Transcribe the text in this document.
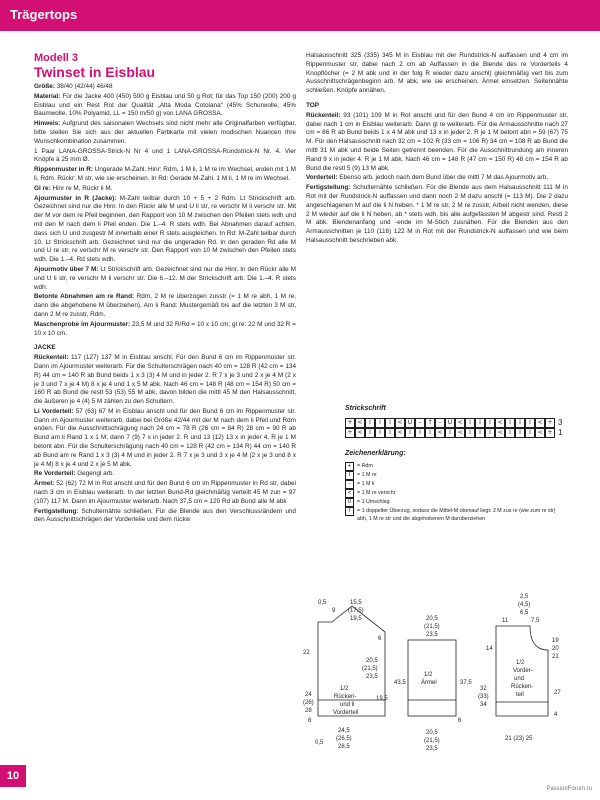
Trägertops
Modell 3
Twinset in Eisblau

Größe: 38/40 (42/44) 46/48

Material: Für die Jacke 400 (450) 500 g Eisblau und 50 g Rot; für das Top 150 (200) 200 g Eisblau und ein Rest Rot der Qualität „Alta Moda Cotolana“ (45% Schurwolle, 45% Baumwolle, 10% Polyamid, LL = 150 m/50 g) von LANA GROSSA.

Hinweis: Aufgrund des saisonalen Wechsels sind nicht mehr alle Originalfarben verfügbar, bitte stellen Sie sich aus der aktuellen Farbkarte mit vielen modischen Nuancen Ihre Wunschkombination zusammen.

1 Paar LANA-GROSSA-Strick-N Nr 4 und 1 LANA-GROSSA-Rundstrick-N Nr. 4. Vier Knöpfe à 25 mm Ø.

Rippenmuster in R: Ungerade M-Zahl. Hinr: Rdm, 1 M li, 1 M re im Wechsel, enden mit 1 M li, Rdm. Rückr: M str, wie sie erscheinen. In Rd: Gerade M-Zahl. 1 M li, 1 M re im Wechsel.

Gl re: Hinr re M, Rückr li M.

Ajourmuster in R (Jacke): M-Zahl teilbar durch 10 + 5 + 2 Rdm. Lt Strickschrift arb. Gezeichnet sind nur die Hinr. In den Rückr alle M und U li str, re verschr M li verschr str. Mit der M vor dem re Pfeil beginnen, den Rapport von 10 M zwischen den Pfeilen stets wdh und mit den M nach dem li Pfeil enden. Die 1.–4. R stets wdh. Bei Abnahmen darauf achten, dass sich U und zusgestr M innerhalb einer R stets ausgleichen. In Rd: M-Zahl teilbar durch 10. Lt Strickschrift arb. Gezeichnet sind nur die ungeraden Rd. In den geraden Rd alle M und U re str, re verschr M re verschr str. Den Rapport von 10 M zwischen den Pfeilen stets wdh. Die 1.–4. Rd stets wdh.

Ajourmotiv über 7 M: Lt Strickschrift arb. Gezeichnet sind nur die Hinr. In den Rückr alle M und U li str, re verschr M li verschr str. Die 6.–12. M der Strickschrift arb. Die 1.–4. R stets wdh.

Betonte Abnahmen am re Rand: Rdm, 2 M re überzogen zusstr (= 1 M re abh, 1 M re, dann die abgehobene M überziehen). Am li Rand: Mustergemäß bis auf die letzten 3 M str, dann 2 M re zusstr, Rdm.

Maschenprobe im Ajourmuster: 23,5 M und 32 R/Rd = 10 x 10 cm; gl re: 22 M und 32 R = 10 x 10 cm.

JACKE

Rückenteil: 117 (127) 137 M in Eisblau anschl. Für den Bund 6 cm im Rippenmuster str. Dann im Ajourmuster weiterarb. Für die Schulterschrägen nach 40 cm = 128 R (42 cm = 134 R) 44 cm = 140 R ab Bund beids 1 x 3 (3) 4 M und in jeder 2. R 7 x je 3 und 2 x je 4 M (2 x je 3 und 7 x je 4 M) 8 x je 4 und 1 x 5 M abk. Nach 46 cm = 148 R (48 cm = 154 R) 50 cm = 160 R ab Bund die restl 53 (53) 55 M abk, davon bilden die mittl 45 M den Halsausschnitt, die äußeren je 4 (4) 5 M zählen zu den Schultern.

Li Vorderteil: 57 (63) 67 M in Eisblau anschl und für den Bund 6 cm im Rippenmuster str. Dann im Ajourmuster weiterarb, dabei bei Größe 42/44 mit der M nach dem li Pfeil und Rdm enden. Für die Ausschnittschrägung nach 24 cm = 78 R (26 cm = 84 R) 28 cm = 90 R ab Bund am li Rand 1 x 1 M, dann 7 (9) 7 x in jeder 2. R und 13 (12) 13 x in jeder 4. R je 1 M betont abn. Für die Schulterschrägung nach 40 cm = 128 R (42 cm = 134 R) 44 cm = 140 R ab Bund am re Rand 1 x 3 (3) 4 M und in jeder 2. R 7 x je 3 und 3 x je 4 M (2 x je 3 und 8 x je 4 M) 8 x je 4 und 2 x je 5 M abk.

Re Vorderteil: Gegengl arb.

Ärmel: 52 (62) 72 M in Rot anschl und für den Bund 6 cm im Rippenmuster in Rd str, dabei nach 3 cm in Eisblau weiterarb. In der letzten Bund-Rd gleichmäßig verteilt 45 M zun = 97 (107) 117 M. Dann im Ajourmuster weiterarb. Nach 37,5 cm = 120 Rd ab Bund alle M abk

Fertigstellung: Schulternähte schließen. Für die Blende aus den Verschlussrändern und den Ausschnittschrägen der Vorderteile und dem rückw

Halsausschnitt 325 (335) 345 M in Eisblau mit der Rundstrick-N auffassen und 4 cm im Rippenmuster str, dabei nach 2 cm ab Auffassen in die Blende des re Vorderteils 4 Knopflöcher (= 2 M abk und in der folg R wieder dazu anschl) gleichmäßig vert bis zum Ausschnittschrägenbeginn arb. M abk, wie sie erscheinen. Ärmel einsetzen. Seitennähte schließen. Knöpfe annähen.

TOP

Rückenteil: 93 (101) 109 M in Rot anschl und für den Bund 4 cm im Rippenmuster str, dabei nach 1 cm in Eisblau weiterarb. Dann gl re weiterarb. Für die Armausschnitte nach 27 cm = 86 R ab Bund beids 1 x 4 M abk und 13 x in jeder 2. R je 1 M betont abn = 59 (67) 75 M. Für den Halsausschnitt nach 32 cm = 102 R (33 cm = 106 R) 34 cm = 108 R ab Bund die mittl 31 M abk und beide Seiten getrennt beenden. Für die Ausschnittrundung am inneren Rand 9 x in jeder 4. R je 1 M abk. Nach 46 cm = 148 R (47 cm = 150 R) 48 cm = 154 R ab Bund die restl 5 (9) 13 M abk.

Vorderteil: Ebenso arb, jedoch nach dem Bund über die mittl 7 M das Ajourmotiv arb.

Fertigstellung: Schulternähte schließen. Für die Blende aus dem Halsausschnitt 111 M in Rot mit der Rundstrick-N auffassen und dann noch 2 M dazu anschl (= 113 M). Die 2 dazu angeschlagenen M auf die li N heben. * 1 M re str, 2 M re zusstr, Arbeit nicht wenden, diese 2 M wieder auf die li N heben, ab * stets wdh, bis alle aufgefassten M abgestr sind. Restl 2 M abk. Blendenanfang und -ende im M-Stich zusnähen. Für die Blenden aus den Armausschnitten je 110 (116) 122 M in Rot mit der Rundstrick-N auffassen und wie beim Halsausschnitt beschrieben abk.

Strickschrift
+ <	I	I	I	< U	– ↑ –	U <	I	I	I	<	I	I	I	< + 3
+ <	I	I	I	<	I	I	I	<	I	<	I	I	I	<	I	I	I	< + 1
Zeichenerklärung:
+	= Rdm
I	= 1 M re
–	= 1 M li
<	= 1 M re verschr
U	= 1 Umschlag
↑	= 1 doppelter Überzug, sodass die Mittel-M obenauf liegt: 2 M zus re (wie zum re str) abh, 1 M re str und die abgehobenen M darüberziehen
1/2
Rücken-
und li
Vorderteil
0,5
9
15,5
(17,5)
19,5
22
6
20,5
(21,5)
23,5
24
(26)
28
19,5
6
24,5
(26,5)
28,5
0,5
1/2
Ärmel
20,5
(21,5)
23,5
43,5	37,5
6
20,5
(21,5)
23,5
1/2
Vorder-
und
Rücken-
teil
2,5
(4,5)
6,5
11	7,5
14
19
20
21
32
(33)
34
27
4
21 (23) 25
10
PassionForum.ru
